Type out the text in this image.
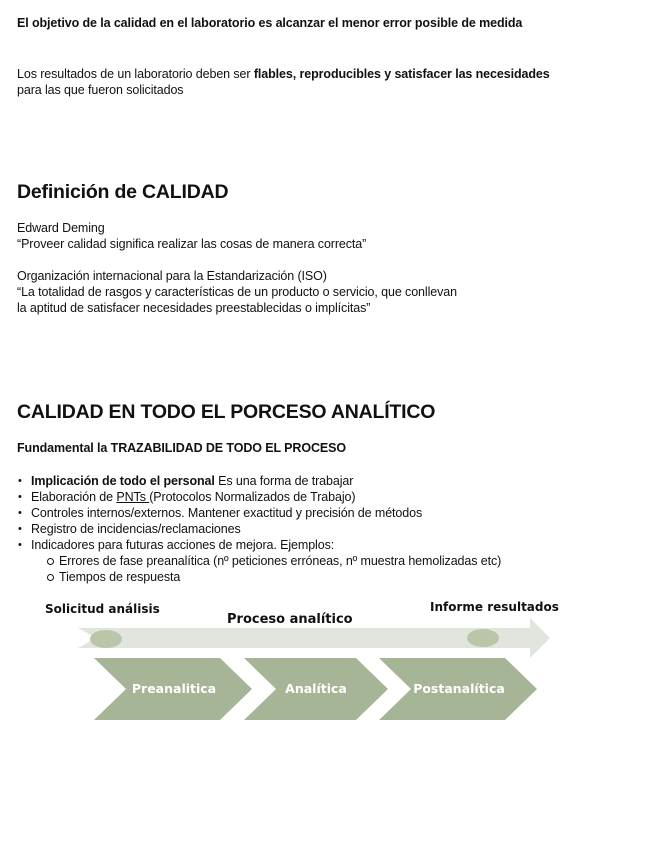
El objetivo de la calidad en el laboratorio es alcanzar el menor error posible de medida
Los resultados de un laboratorio deben ser flables, reproducibles y satisfacer las necesidades
para las que fueron solicitados
Definición de CALIDAD
Edward Deming
“Proveer calidad significa realizar las cosas de manera correcta”
Organización internacional para la Estandarización (ISO)
“La totalidad de rasgos y características de un producto o servicio, que conllevan
la aptitud de satisfacer necesidades preestablecidas o implícitas”
CALIDAD EN TODO EL PORCESO ANALÍTICO
Fundamental la TRAZABILIDAD DE TODO EL PROCESO
• Implicación de todo el personal Es una forma de trabajar
• Elaboración de PNTs (Protocolos Normalizados de Trabajo)
• Controles internos/externos. Mantener exactitud y precisión de métodos
• Registro de incidencias/reclamaciones
• Indicadores para futuras acciones de mejora. Ejemplos:
Errores de fase preanalítica (nº peticiones erróneas, nº muestra hemolizadas etc)
Tiempos de respuesta
Solicitud análisis
Proceso analítico
Informe resultados
Preanalitica	Analítica	Postanalítica
